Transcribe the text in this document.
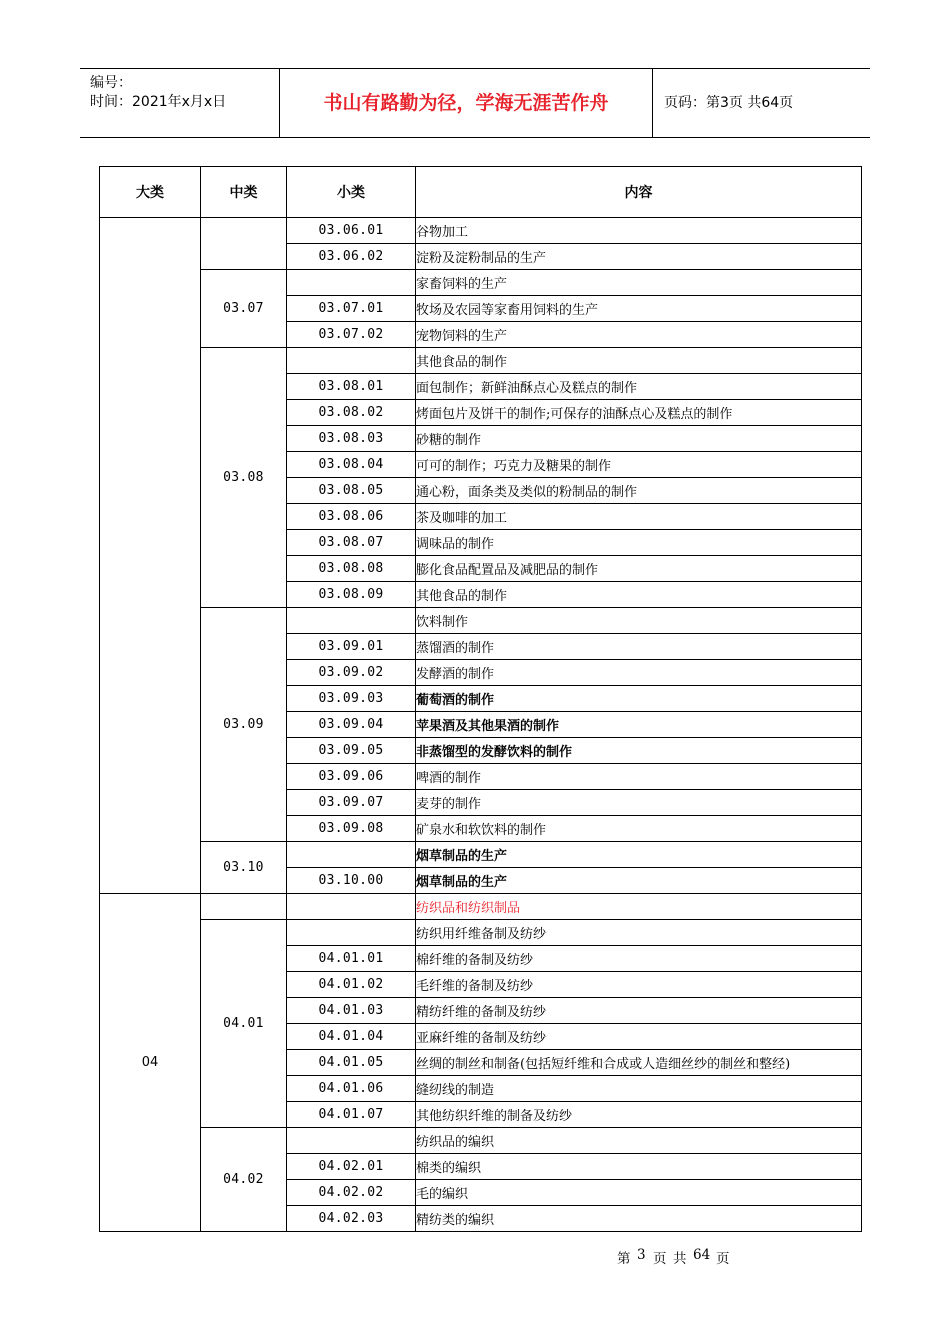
编号：
时间：2021年x月x日	书山有路勤为径，学海无涯苦作舟	页码：第3页 共64页
大类	中类	小类	内容
		03.06.01	谷物加工
		03.06.02	淀粉及淀粉制品的生产
	03.07		家畜饲料的生产
		03.07.01	牧场及农园等家畜用饲料的生产
		03.07.02	宠物饲料的生产
	03.08		其他食品的制作
		03.08.01	面包制作；新鲜油酥点心及糕点的制作
		03.08.02	烤面包片及饼干的制作;可保存的油酥点心及糕点的制作
		03.08.03	砂糖的制作
		03.08.04	可可的制作；巧克力及糖果的制作
		03.08.05	通心粉，面条类及类似的粉制品的制作
		03.08.06	茶及咖啡的加工
		03.08.07	调味品的制作
		03.08.08	膨化食品配置品及减肥品的制作
		03.08.09	其他食品的制作
	03.09		饮料制作
		03.09.01	蒸馏酒的制作
		03.09.02	发酵酒的制作
		03.09.03	葡萄酒的制作
		03.09.04	苹果酒及其他果酒的制作
		03.09.05	非蒸馏型的发酵饮料的制作
		03.09.06	啤酒的制作
		03.09.07	麦芽的制作
		03.09.08	矿泉水和软饮料的制作
	03.10		烟草制品的生产
		03.10.00	烟草制品的生产
04			纺织品和纺织制品
	04.01		纺织用纤维备制及纺纱
		04.01.01	棉纤维的备制及纺纱
		04.01.02	毛纤维的备制及纺纱
		04.01.03	精纺纤维的备制及纺纱
		04.01.04	亚麻纤维的备制及纺纱
		04.01.05	丝绸的制丝和制备(包括短纤维和合成或人造细丝纱的制丝和整经)
		04.01.06	缝纫线的制造
		04.01.07	其他纺织纤维的制备及纺纱
	04.02		纺织品的编织
		04.02.01	棉类的编织
		04.02.02	毛的编织
		04.02.03	精纺类的编织
第 3 页 共 64 页
